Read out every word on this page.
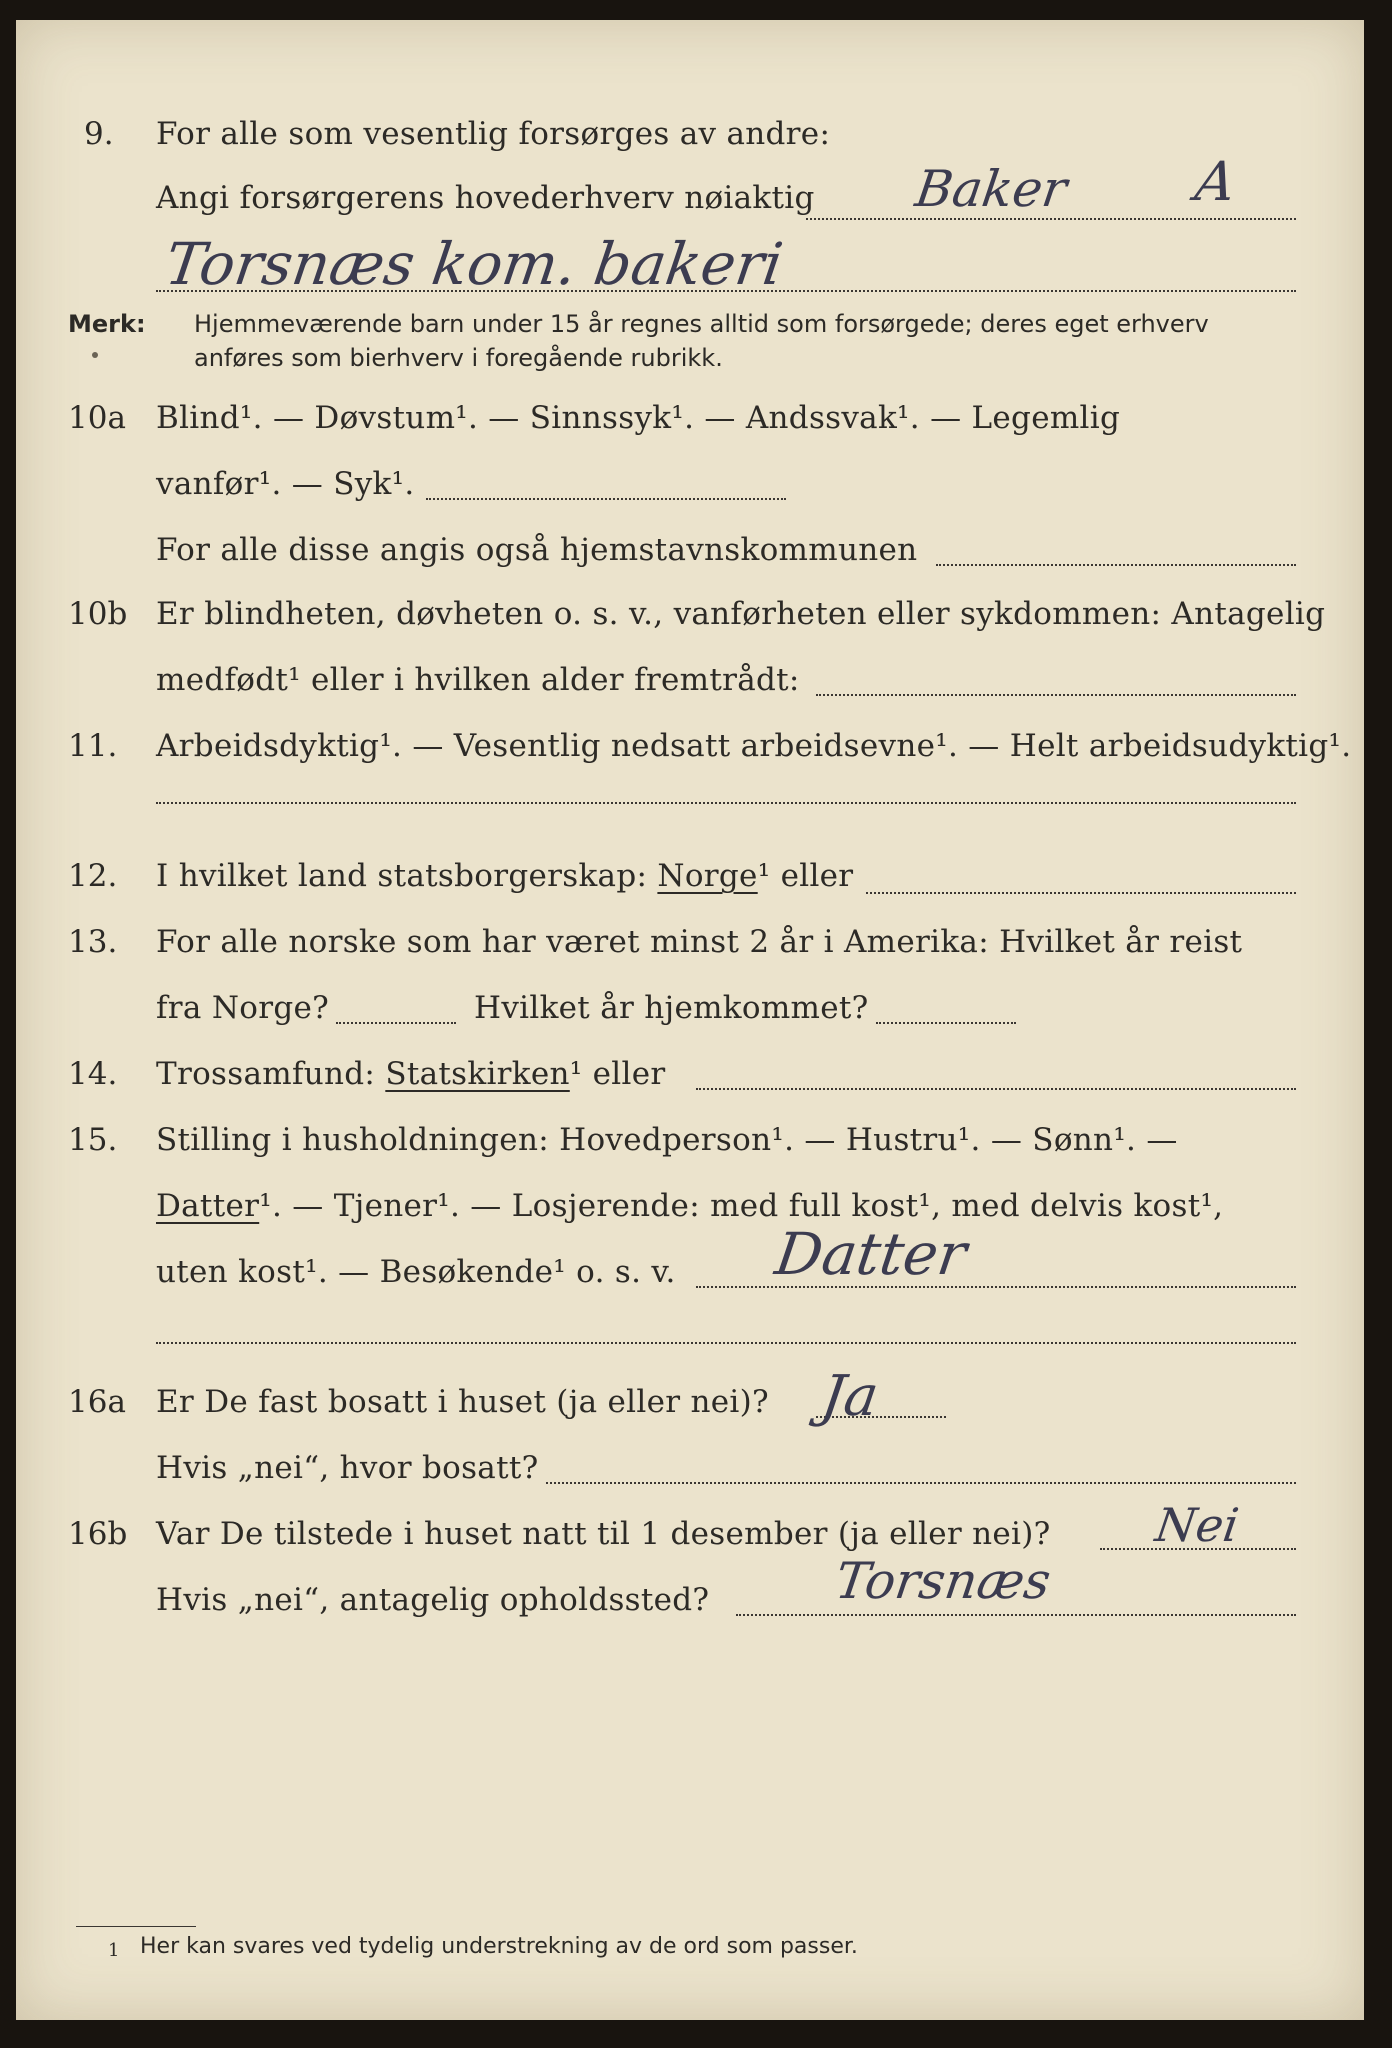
9. For alle som vesentlig forsørges av andre:
Angi forsørgerens hovederhverv nøiaktig Baker A
Torsnæs kom. bakeri
Merk: Hjemmeværende barn under 15 år regnes alltid som forsørgede; deres eget erhverv
anføres som bierhverv i foregående rubrikk.
10a Blind¹. — Døvstum¹. — Sinnssyk¹. — Andssvak¹. — Legemlig
vanfør¹. — Syk¹.
For alle disse angis også hjemstavnskommunen
10b Er blindheten, døvheten o. s. v., vanførheten eller sykdommen: Antagelig
medfødt¹ eller i hvilken alder fremtrådt:
11. Arbeidsdyktig¹. — Vesentlig nedsatt arbeidsevne¹. — Helt arbeidsudyktig¹.
12. I hvilket land statsborgerskap: Norge¹ eller
13. For alle norske som har været minst 2 år i Amerika: Hvilket år reist
fra Norge?	Hvilket år hjemkommet?
14. Trossamfund: Statskirken¹ eller
15. Stilling i husholdningen: Hovedperson¹. — Hustru¹. — Sønn¹. —
Datter¹. — Tjener¹. — Losjerende: med full kost¹, med delvis kost¹,
uten kost¹. — Besøkende¹ o. s. v. Datter
16a Er De fast bosatt i huset (ja eller nei)? Ja
Hvis „nei“, hvor bosatt?
16b Var De tilstede i huset natt til 1 desember (ja eller nei)? Nei
Hvis „nei“, antagelig opholdssted? Torsnæs
1 Her kan svares ved tydelig understrekning av de ord som passer.
